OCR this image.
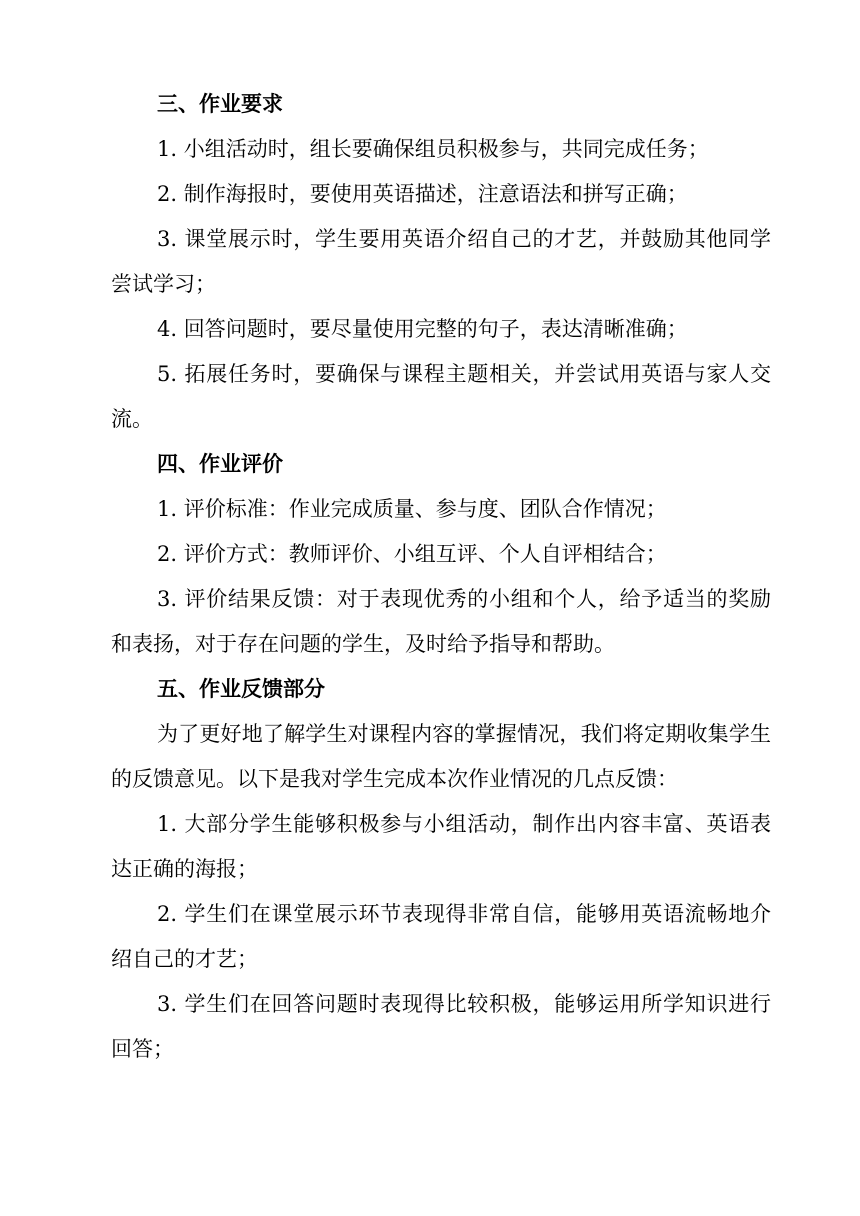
三、作业要求

1. 小组活动时，组长要确保组员积极参与，共同完成任务；

2. 制作海报时，要使用英语描述，注意语法和拼写正确；

3. 课堂展示时，学生要用英语介绍自己的才艺，并鼓励其他同学尝试学习；

4. 回答问题时，要尽量使用完整的句子，表达清晰准确；

5. 拓展任务时，要确保与课程主题相关，并尝试用英语与家人交流。

四、作业评价

1. 评价标准：作业完成质量、参与度、团队合作情况；

2. 评价方式：教师评价、小组互评、个人自评相结合；

3. 评价结果反馈：对于表现优秀的小组和个人，给予适当的奖励和表扬，对于存在问题的学生，及时给予指导和帮助。

五、作业反馈部分

为了更好地了解学生对课程内容的掌握情况，我们将定期收集学生的反馈意见。以下是我对学生完成本次作业情况的几点反馈：

1. 大部分学生能够积极参与小组活动，制作出内容丰富、英语表达正确的海报；

2. 学生们在课堂展示环节表现得非常自信，能够用英语流畅地介绍自己的才艺；

3. 学生们在回答问题时表现得比较积极，能够运用所学知识进行回答；
